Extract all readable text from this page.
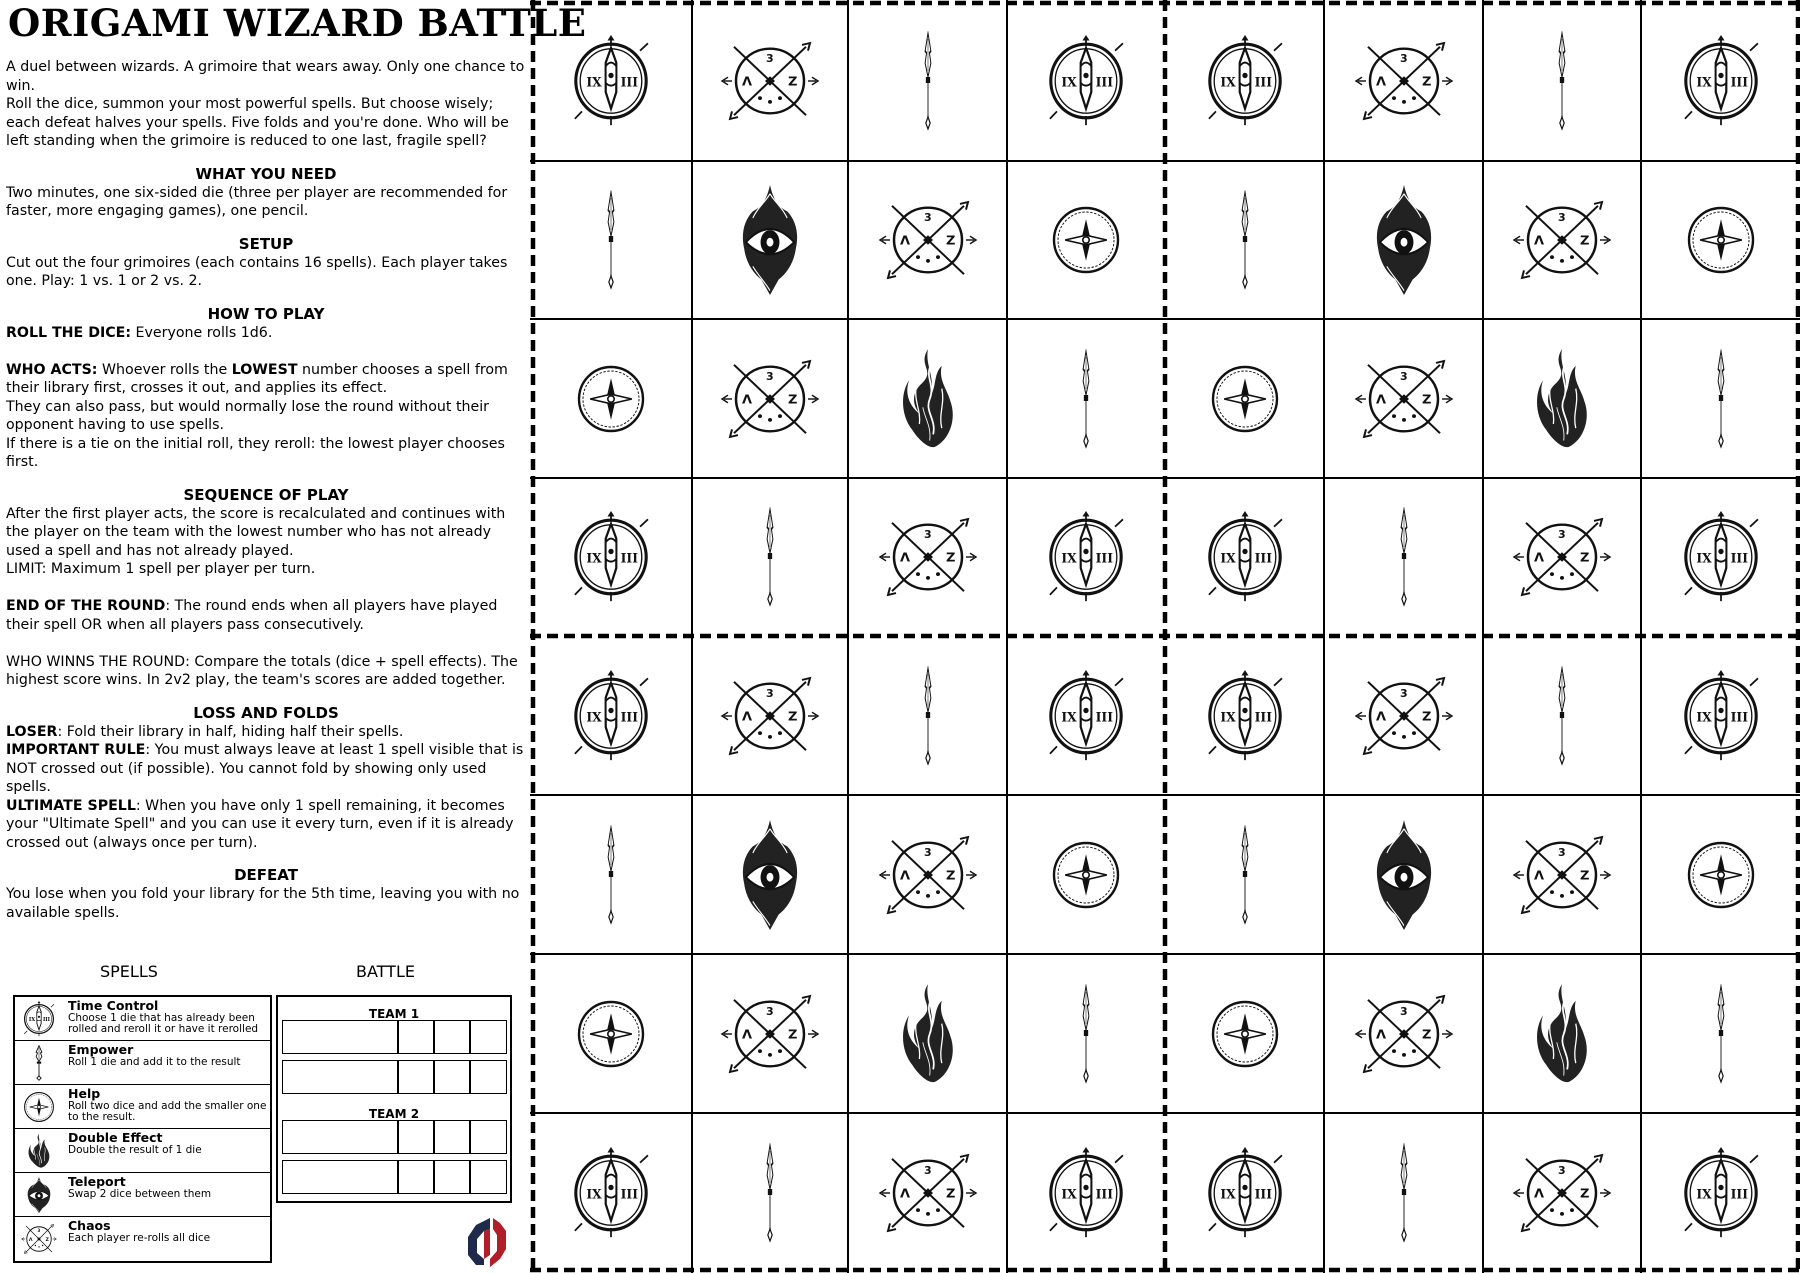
ORIGAMI WIZARD BATTLE

A duel between wizards. A grimoire that wears away. Only one chance to win.

Roll the dice, summon your most powerful spells. But choose wisely; each defeat halves your spells. Five folds and you're done. Who will be left standing when the grimoire is reduced to one last, fragile spell?

WHAT YOU NEED

Two minutes, one six-sided die (three per player are recommended for faster, more engaging games), one pencil.

SETUP

Cut out the four grimoires (each contains 16 spells). Each player takes one. Play: 1 vs. 1 or 2 vs. 2.

HOW TO PLAY

ROLL THE DICE: Everyone rolls 1d6.

WHO ACTS: Whoever rolls the LOWEST number chooses a spell from their library first, crosses it out, and applies its effect.

They can also pass, but would normally lose the round without their opponent having to use spells.

If there is a tie on the initial roll, they reroll: the lowest player chooses first.

SEQUENCE OF PLAY

After the first player acts, the score is recalculated and continues with the player on the team with the lowest number who has not already used a spell and has not already played.

LIMIT: Maximum 1 spell per player per turn.

END OF THE ROUND: The round ends when all players have played their spell OR when all players pass consecutively.

WHO WINNS THE ROUND: Compare the totals (dice + spell effects). The highest score wins. In 2v2 play, the team's scores are added together.

LOSS AND FOLDS

LOSER: Fold their library in half, hiding half their spells.

IMPORTANT RULE: You must always leave at least 1 spell visible that is NOT crossed out (if possible). You cannot fold by showing only used spells.

ULTIMATE SPELL: When you have only 1 spell remaining, it becomes your "Ultimate Spell" and you can use it every turn, even if it is already crossed out (always once per turn).

DEFEAT

You lose when you fold your library for the 5th time, leaving you with no available spells.

SPELLS	BATTLE
Time Control
Choose 1 die that has already been rolled and reroll it or have it rerolled
Empower
Roll 1 die and add it to the result
Help
Roll two dice and add the smaller one to the result.
Double Effect
Double the result of 1 die
Teleport
Swap 2 dice between them
Chaos
Each player re-rolls all dice
TEAM 1
TEAM 2
